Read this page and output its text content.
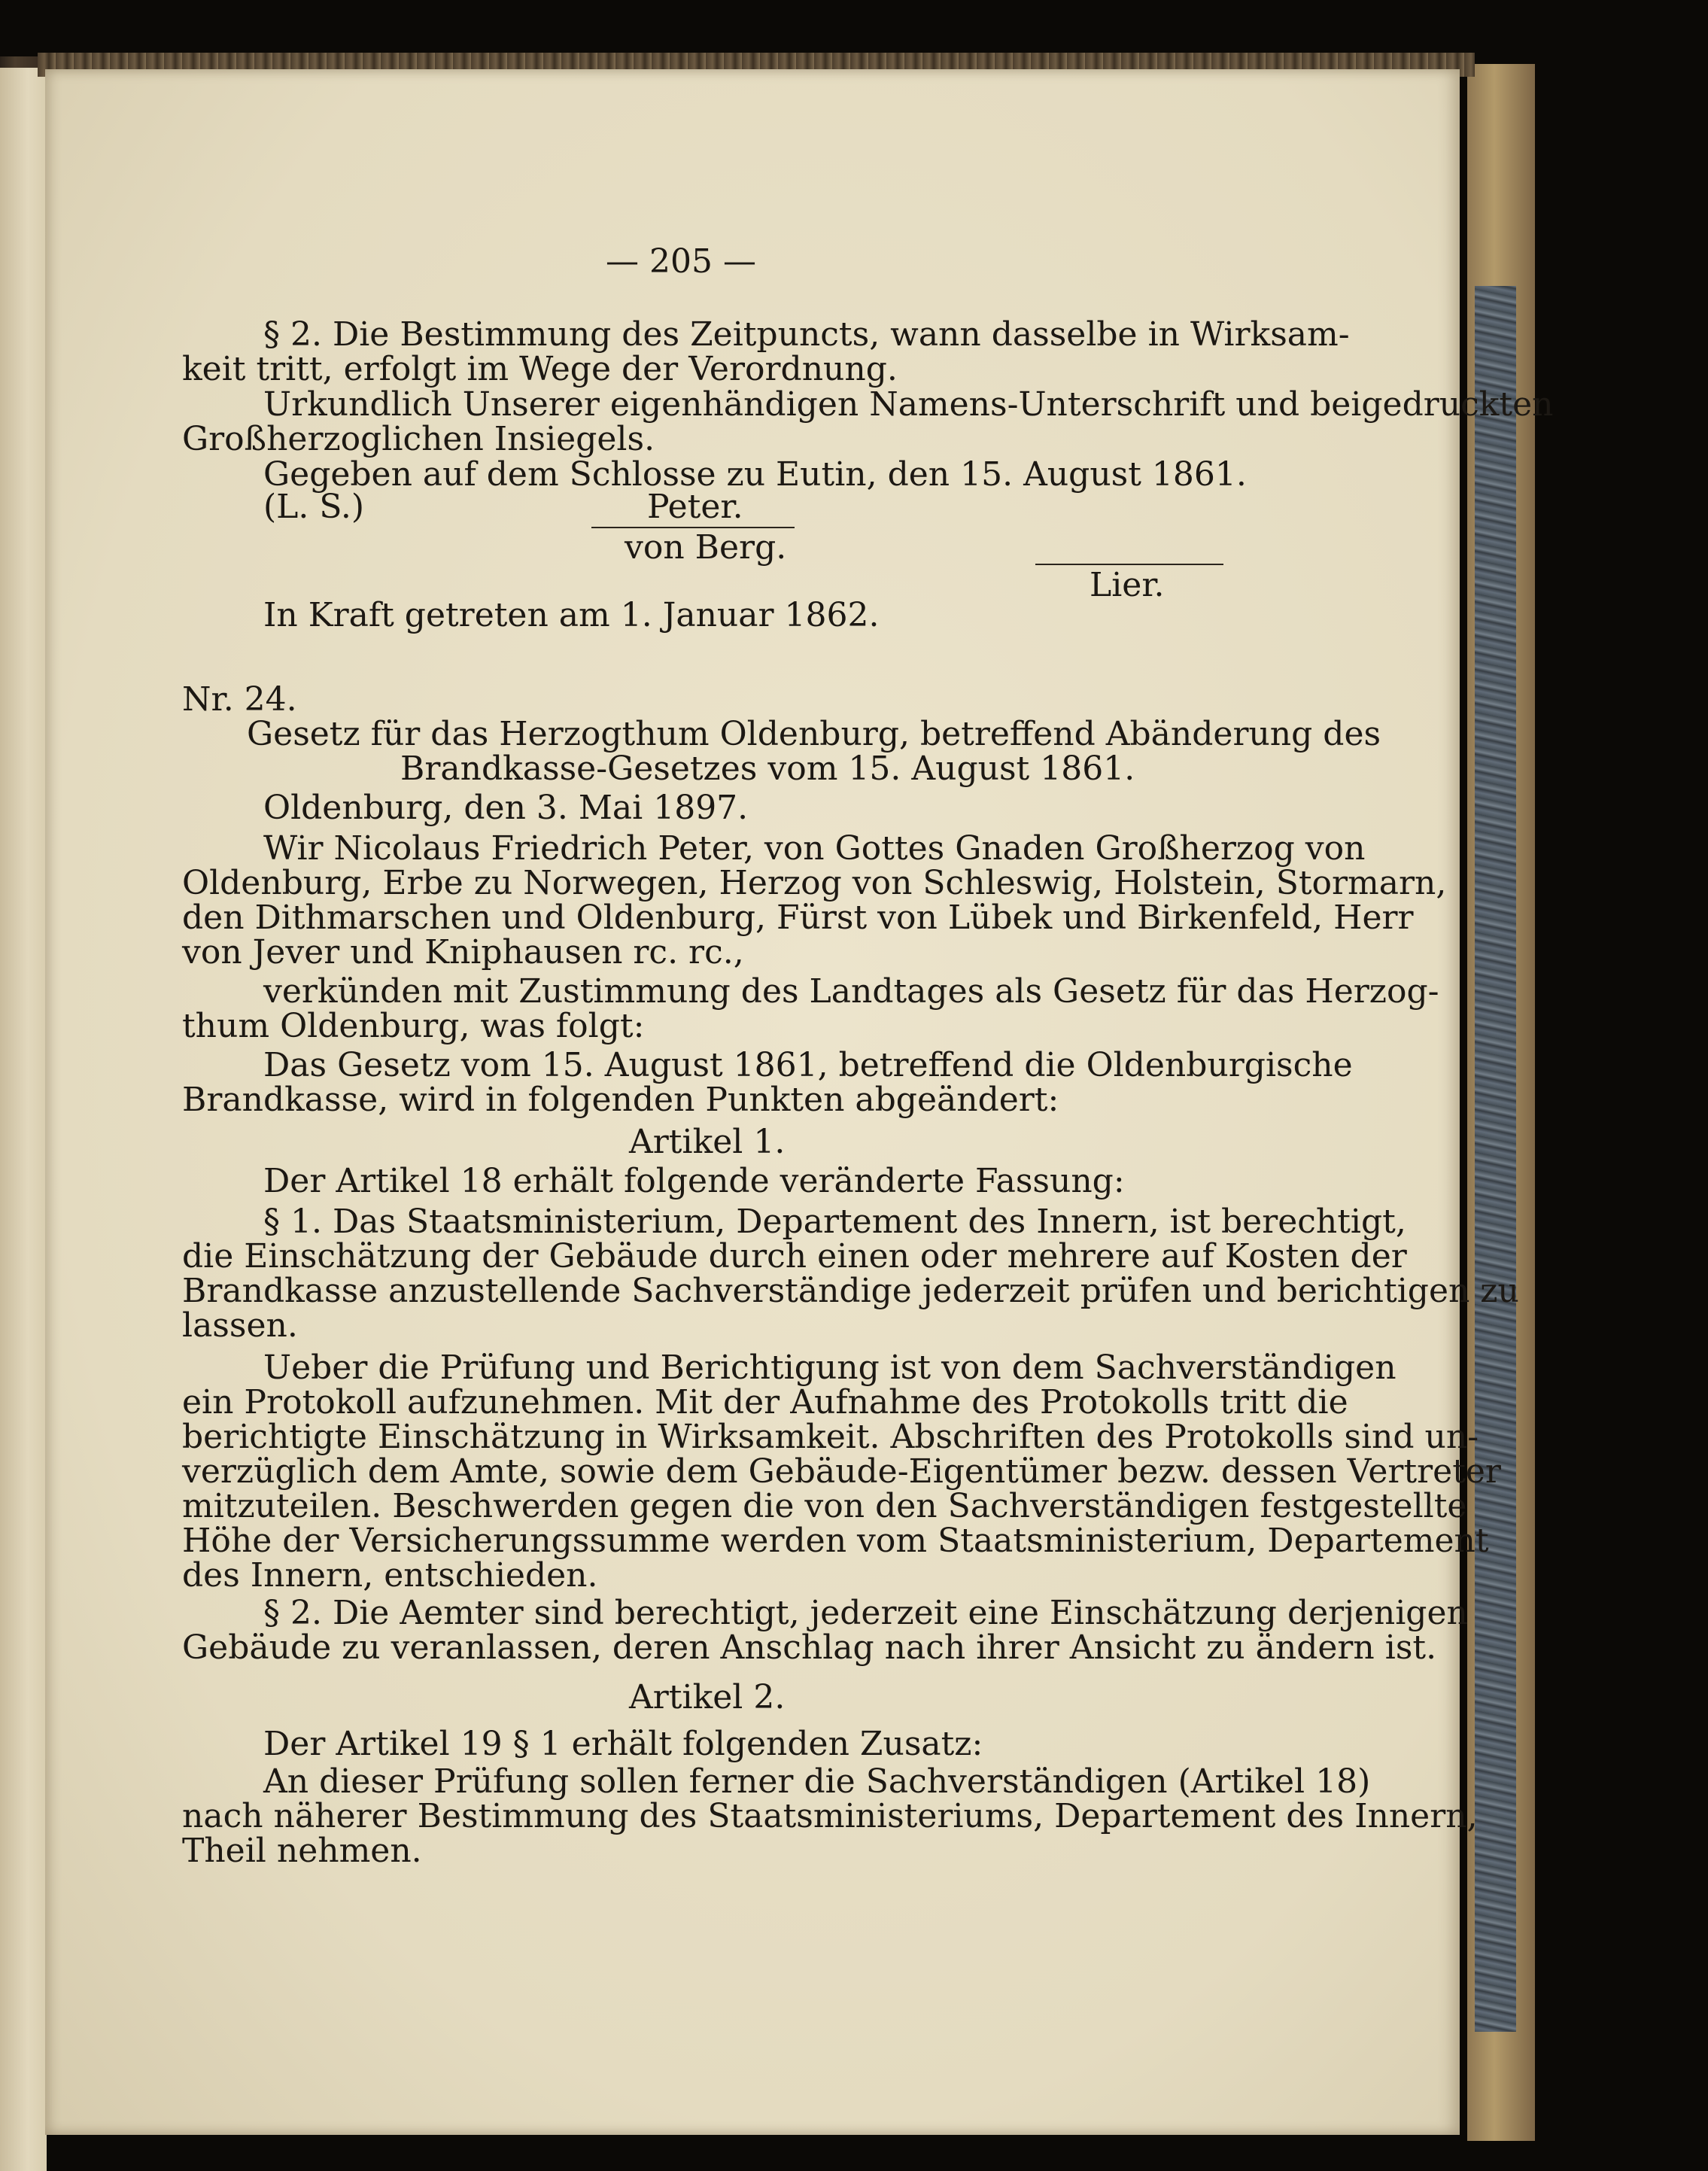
— 205 —
§ 2. Die Bestimmung des Zeitpuncts, wann dasselbe in Wirksam-
keit tritt, erfolgt im Wege der Verordnung.
Urkundlich Unserer eigenhändigen Namens-Unterschrift und beigedruckten
Großherzoglichen Insiegels.
Gegeben auf dem Schlosse zu Eutin, den 15. August 1861.
(L. S.)	Peter.
von Berg.
Lier.
In Kraft getreten am 1. Januar 1862.
Nr. 24.
Gesetz für das Herzogthum Oldenburg, betreffend Abänderung des
Brandkasse-Gesetzes vom 15. August 1861.
Oldenburg, den 3. Mai 1897.
Wir Nicolaus Friedrich Peter, von Gottes Gnaden Großherzog von
Oldenburg, Erbe zu Norwegen, Herzog von Schleswig, Holstein, Stormarn,
den Dithmarschen und Oldenburg, Fürst von Lübek und Birkenfeld, Herr
von Jever und Kniphausen rc. rc.,
verkünden mit Zustimmung des Landtages als Gesetz für das Herzog-
thum Oldenburg, was folgt:
Das Gesetz vom 15. August 1861, betreffend die Oldenburgische
Brandkasse, wird in folgenden Punkten abgeändert:
Artikel 1.
Der Artikel 18 erhält folgende veränderte Fassung:
§ 1. Das Staatsministerium, Departement des Innern, ist berechtigt,
die Einschätzung der Gebäude durch einen oder mehrere auf Kosten der
Brandkasse anzustellende Sachverständige jederzeit prüfen und berichtigen zu
lassen.
Ueber die Prüfung und Berichtigung ist von dem Sachverständigen
ein Protokoll aufzunehmen. Mit der Aufnahme des Protokolls tritt die
berichtigte Einschätzung in Wirksamkeit. Abschriften des Protokolls sind un-
verzüglich dem Amte, sowie dem Gebäude-Eigentümer bezw. dessen Vertreter
mitzuteilen. Beschwerden gegen die von den Sachverständigen festgestellte
Höhe der Versicherungssumme werden vom Staatsministerium, Departement
des Innern, entschieden.
§ 2. Die Aemter sind berechtigt, jederzeit eine Einschätzung derjenigen
Gebäude zu veranlassen, deren Anschlag nach ihrer Ansicht zu ändern ist.
Artikel 2.
Der Artikel 19 § 1 erhält folgenden Zusatz:
An dieser Prüfung sollen ferner die Sachverständigen (Artikel 18)
nach näherer Bestimmung des Staatsministeriums, Departement des Innern,
Theil nehmen.
